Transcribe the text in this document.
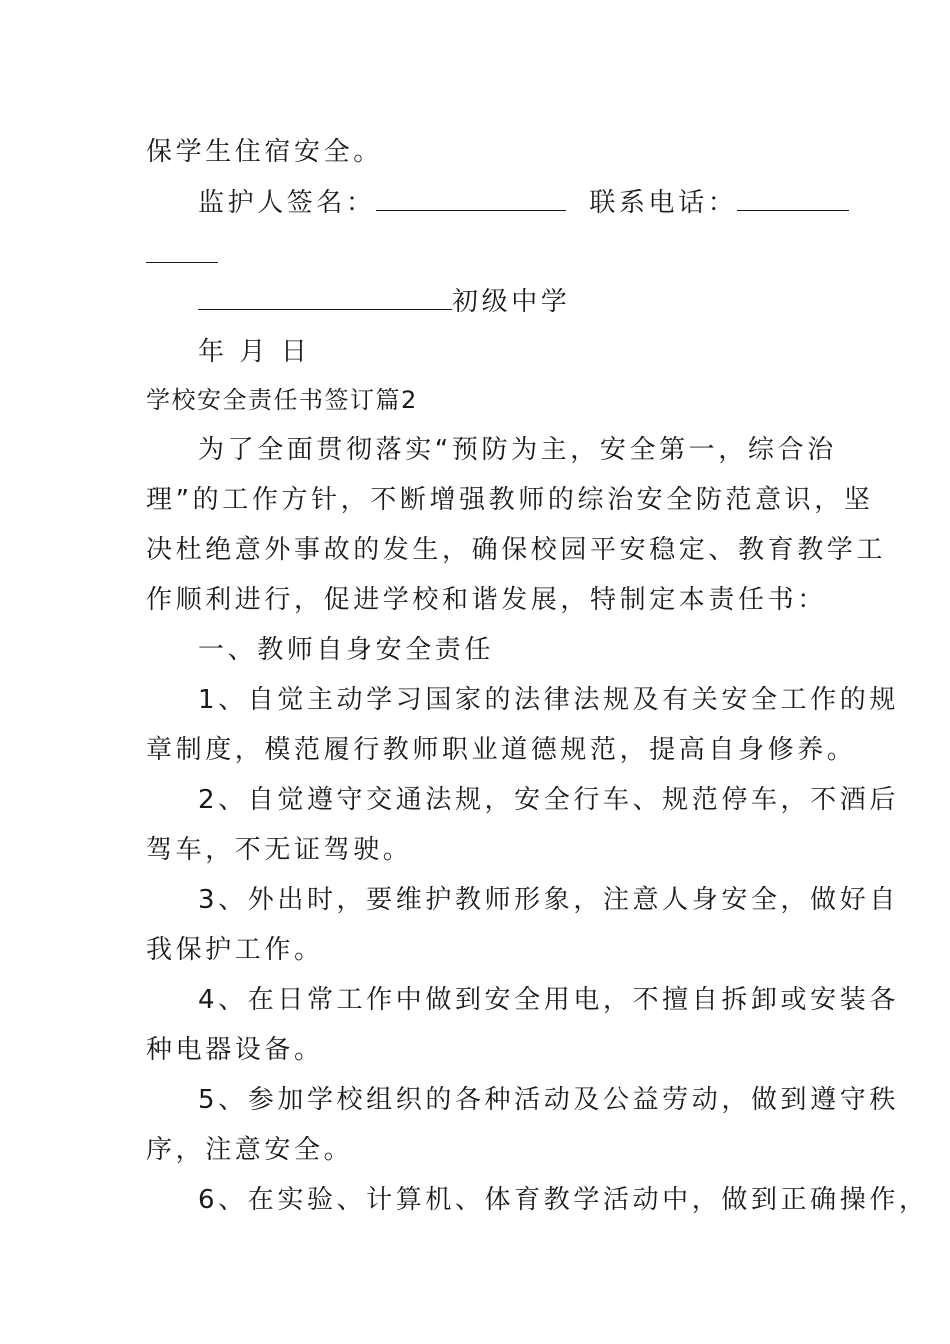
保学生住宿安全。
监护人签名：	联系电话：
初级中学
年 月 日
学校安全责任书签订篇2
为了全面贯彻落实“预防为主，安全第一，综合治
理”的工作方针，不断增强教师的综治安全防范意识，坚
决杜绝意外事故的发生，确保校园平安稳定、教育教学工
作顺利进行，促进学校和谐发展，特制定本责任书：
一、教师自身安全责任
1、自觉主动学习国家的法律法规及有关安全工作的规
章制度，模范履行教师职业道德规范，提高自身修养。
2、自觉遵守交通法规，安全行车、规范停车，不酒后
驾车，不无证驾驶。
3、外出时，要维护教师形象，注意人身安全，做好自
我保护工作。
4、在日常工作中做到安全用电，不擅自拆卸或安装各
种电器设备。
5、参加学校组织的各种活动及公益劳动，做到遵守秩
序，注意安全。
6、在实验、计算机、体育教学活动中，做到正确操作，
